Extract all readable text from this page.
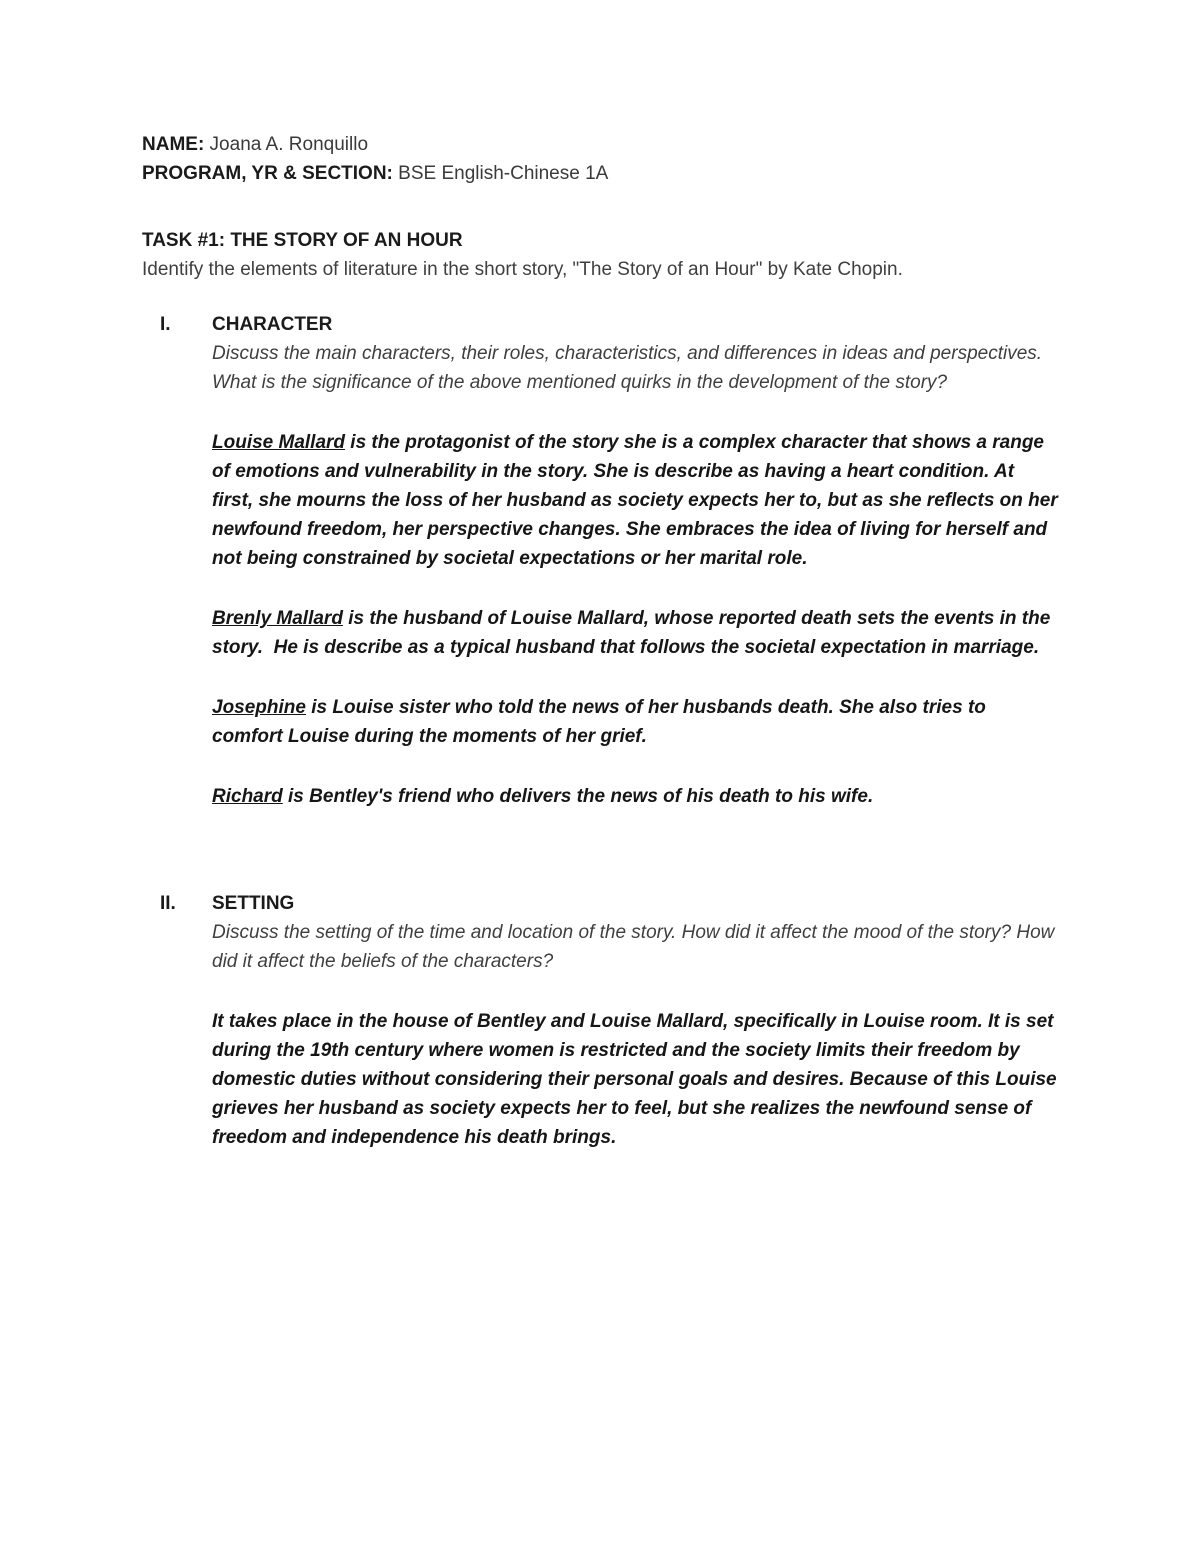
NAME: Joana A. Ronquillo
PROGRAM, YR & SECTION: BSE English-Chinese 1A
TASK #1: THE STORY OF AN HOUR
Identify the elements of literature in the short story, "The Story of an Hour" by Kate Chopin.
I.	CHARACTER
Discuss the main characters, their roles, characteristics, and differences in ideas and perspectives. What is the significance of the above mentioned quirks in the development of the story?

Louise Mallard is the protagonist of the story she is a complex character that shows a range of emotions and vulnerability in the story. She is describe as having a heart condition. At first, she mourns the loss of her husband as society expects her to, but as she reflects on her newfound freedom, her perspective changes. She embraces the idea of living for herself and not being constrained by societal expectations or her marital role.

Brenly Mallard is the husband of Louise Mallard, whose reported death sets the events in the story.  He is describe as a typical husband that follows the societal expectation in marriage.

Josephine is Louise sister who told the news of her husbands death. She also tries to comfort Louise during the moments of her grief.

Richard is Bentley's friend who delivers the news of his death to his wife.

II.	SETTING
Discuss the setting of the time and location of the story. How did it affect the mood of the story? How did it affect the beliefs of the characters?

It takes place in the house of Bentley and Louise Mallard, specifically in Louise room. It is set during the 19th century where women is restricted and the society limits their freedom by domestic duties without considering their personal goals and desires. Because of this Louise grieves her husband as society expects her to feel, but she realizes the newfound sense of freedom and independence his death brings.
